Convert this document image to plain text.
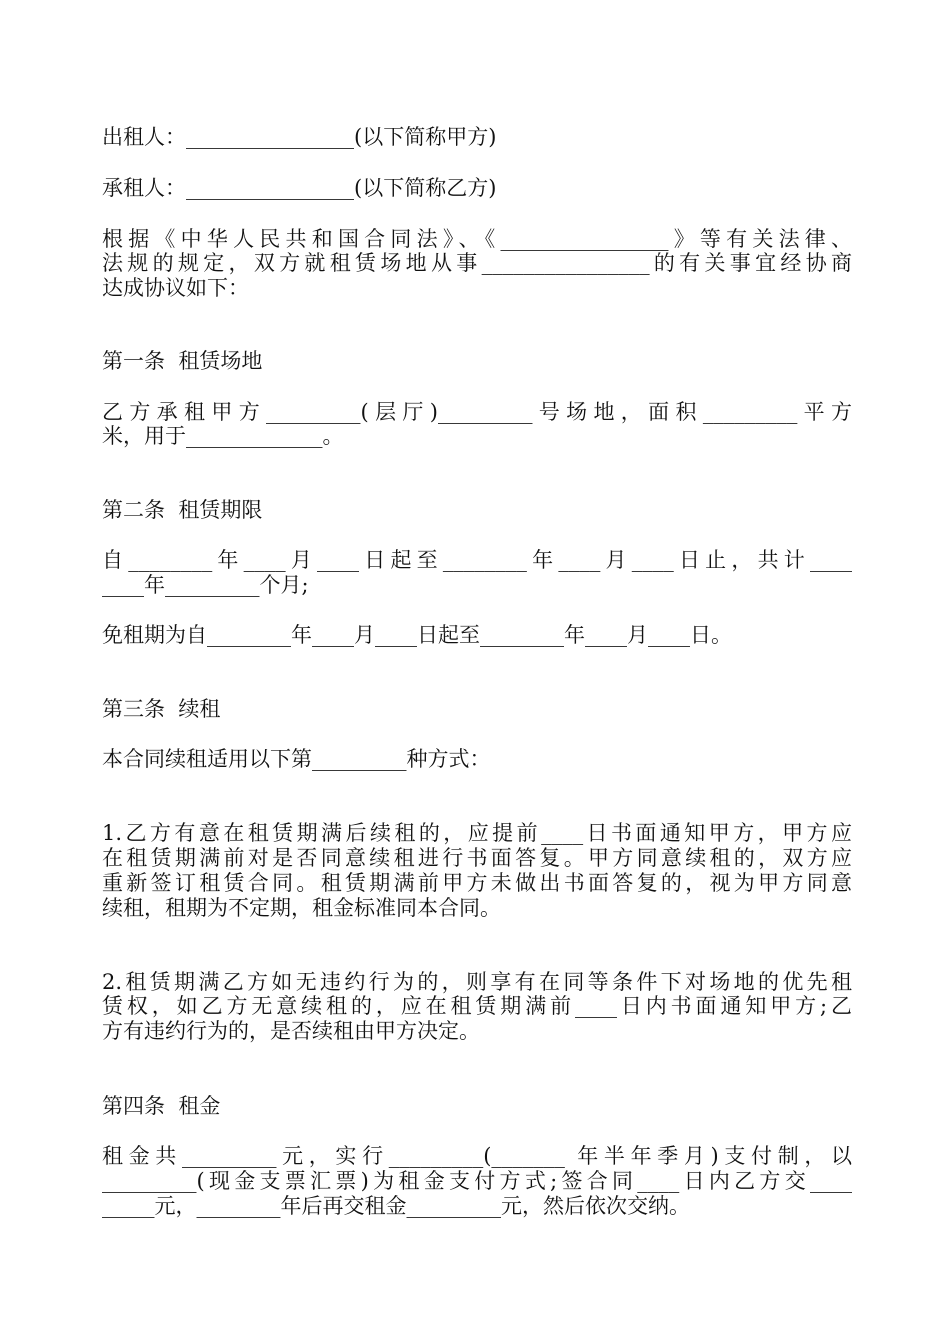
出租人：________________(以下简称甲方)

承租人：________________(以下简称乙方)

根据《中华人民共和国合同法》、《________________》等有关法律、

法规的规定，双方就租赁场地从事________________的有关事宜经协商

达成协议如下：

第一条  租赁场地

乙方承租甲方_________(层厅)_________号场地，面积_________平方

米，用于_____________。

第二条  租赁期限

自________年____月____日起至________年____月____日止，共计____

____年_________个月;

免租期为自________年____月____日起至________年____月____日。

第三条  续租

本合同续租适用以下第_________种方式：

1.乙方有意在租赁期满后续租的，应提前____日书面通知甲方，甲方应

在租赁期满前对是否同意续租进行书面答复。甲方同意续租的，双方应

重新签订租赁合同。租赁期满前甲方未做出书面答复的，视为甲方同意

续租，租期为不定期，租金标准同本合同。

2.租赁期满乙方如无违约行为的，则享有在同等条件下对场地的优先租

赁权，如乙方无意续租的，应在租赁期满前____日内书面通知甲方;乙

方有违约行为的，是否续租由甲方决定。

第四条  租金

租金共_________元，实行_________(_______ 年半年季月)支付制，以

_________(现金支票汇票)为租金支付方式;签合同____日内乙方交____

_____元，________年后再交租金_________元，然后依次交纳。
